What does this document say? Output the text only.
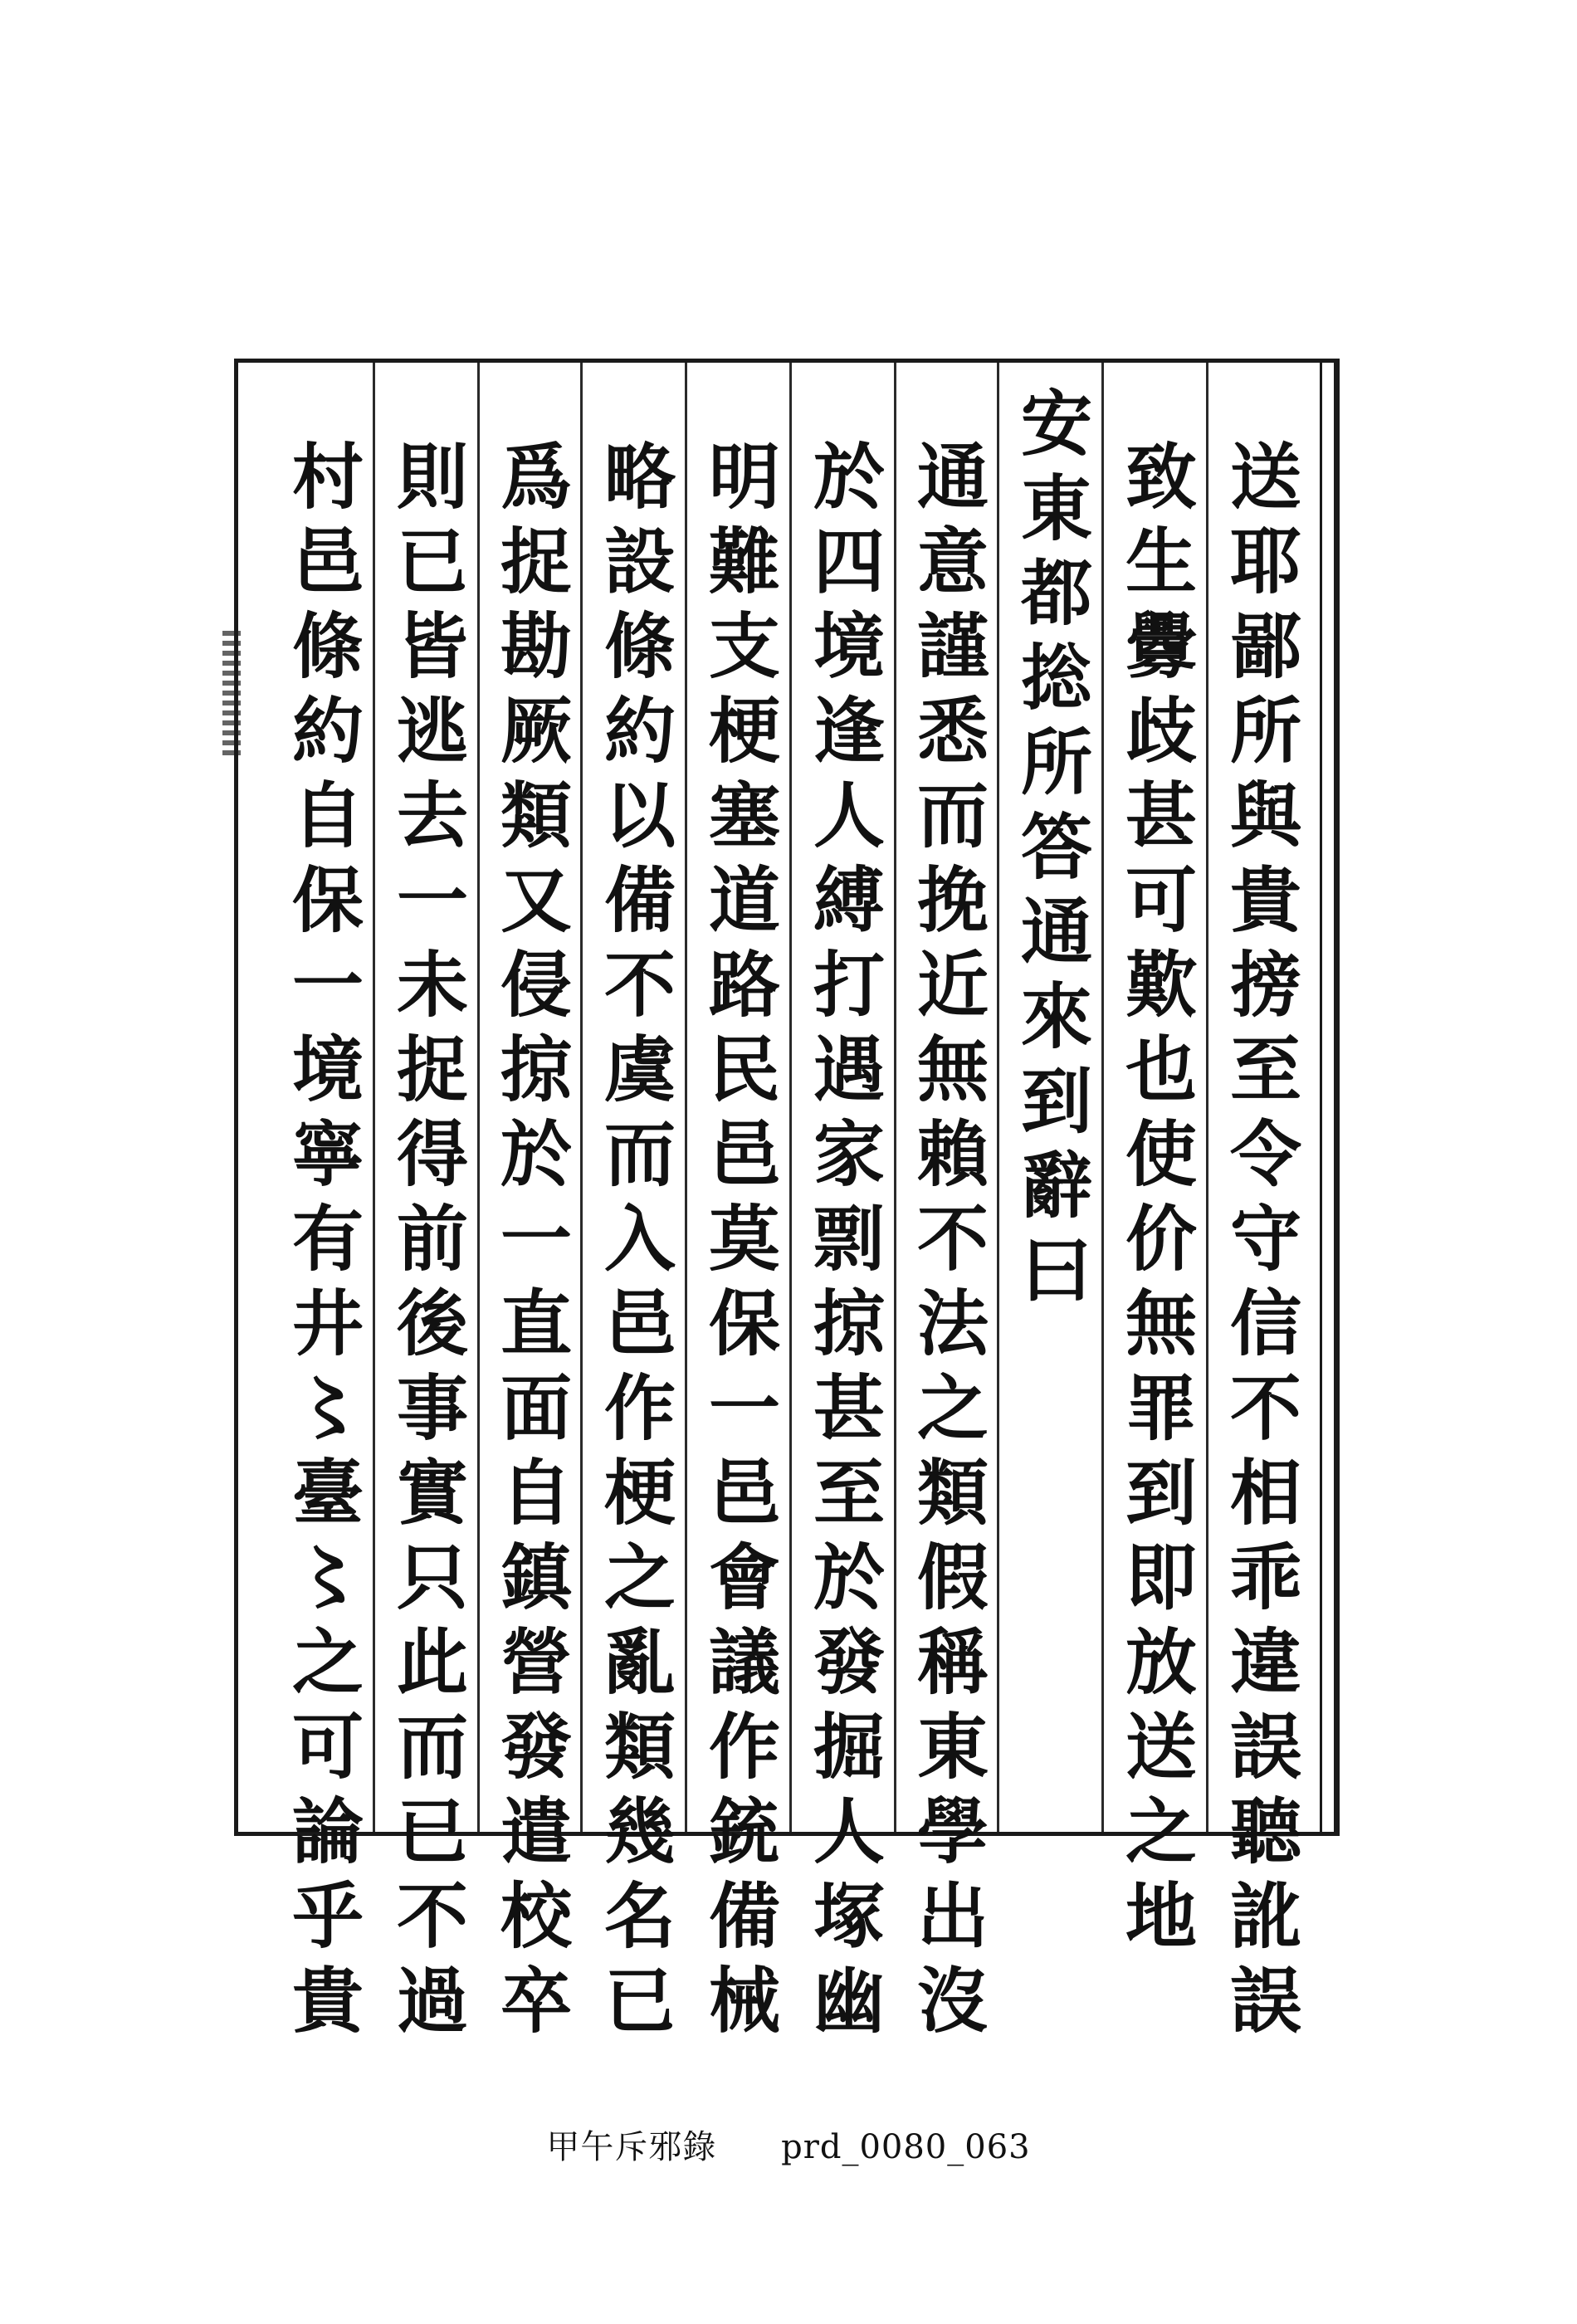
送耶鄙所與貴搒至令守信不相乖違誤聽訛誤
致生釁歧甚可歎也使价無罪到即放送之地
安東都捴所答通來到辭曰
通意謹悉而挽近無賴不法之類假稱東學出沒
於四境逢人縛打遇家剽掠甚至於發掘人塚幽
明難支梗塞道路民邑莫保一邑會議作銃備械
略設條約以備不虞而入邑作梗之亂類幾名已
爲捉勘厥類又侵掠於一直面自鎮營發遣校卒
則已皆逃去一未捉得前後事實只此而已不過
村邑條約自保一境寧有井〻臺〻之可論乎貴
甲午斥邪錄 prd_0080_063
